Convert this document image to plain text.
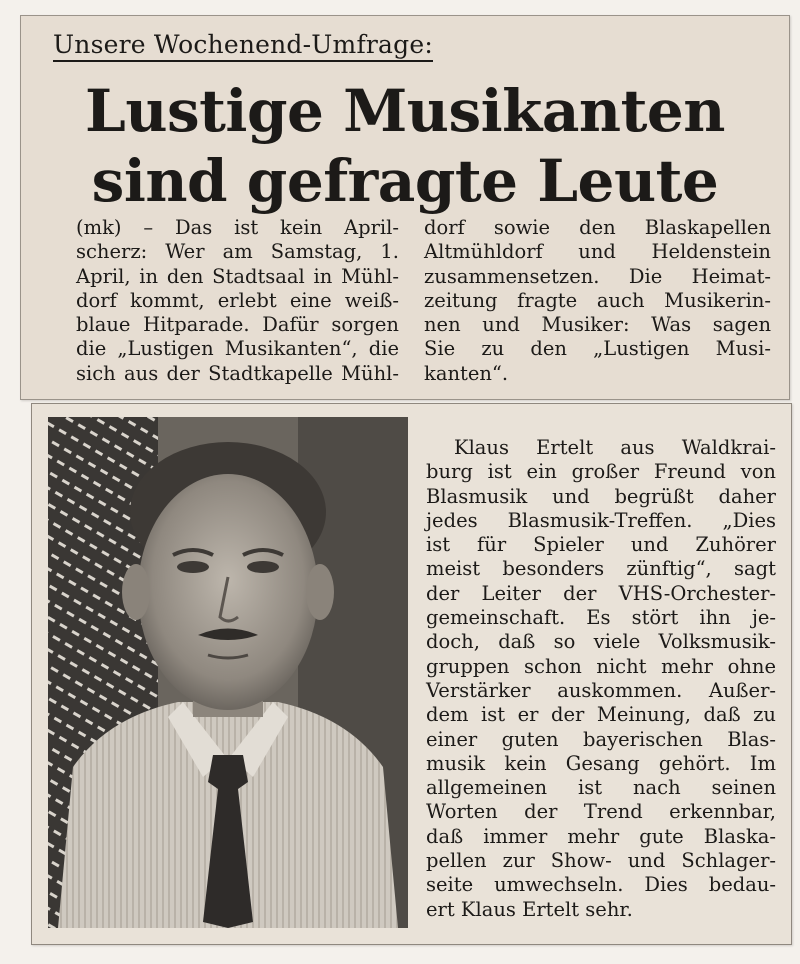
Unsere Wochenend-Umfrage:
Lustige Musikanten
sind gefragte Leute
(mk) – Das ist kein April-
scherz: Wer am Samstag, 1.
April, in den Stadtsaal in Mühl-
dorf kommt, erlebt eine weiß-
blaue Hitparade. Dafür sorgen
die „Lustigen Musikanten“, die
sich aus der Stadtkapelle Mühl-
dorf sowie den Blaskapellen
Altmühldorf und Heldenstein
zusammensetzen. Die Heimat-
zeitung fragte auch Musikerin-
nen und Musiker: Was sagen
Sie zu den „Lustigen Musi-
kanten“.
Klaus Ertelt aus Waldkrai-
burg ist ein großer Freund von
Blasmusik und begrüßt daher
jedes Blasmusik-Treffen. „Dies
ist für Spieler und Zuhörer
meist besonders zünftig“, sagt
der Leiter der VHS-Orchester-
gemeinschaft. Es stört ihn je-
doch, daß so viele Volksmusik-
gruppen schon nicht mehr ohne
Verstärker auskommen. Außer-
dem ist er der Meinung, daß zu
einer guten bayerischen Blas-
musik kein Gesang gehört. Im
allgemeinen ist nach seinen
Worten der Trend erkennbar,
daß immer mehr gute Blaska-
pellen zur Show- und Schlager-
seite umwechseln. Dies bedau-
ert Klaus Ertelt sehr.
